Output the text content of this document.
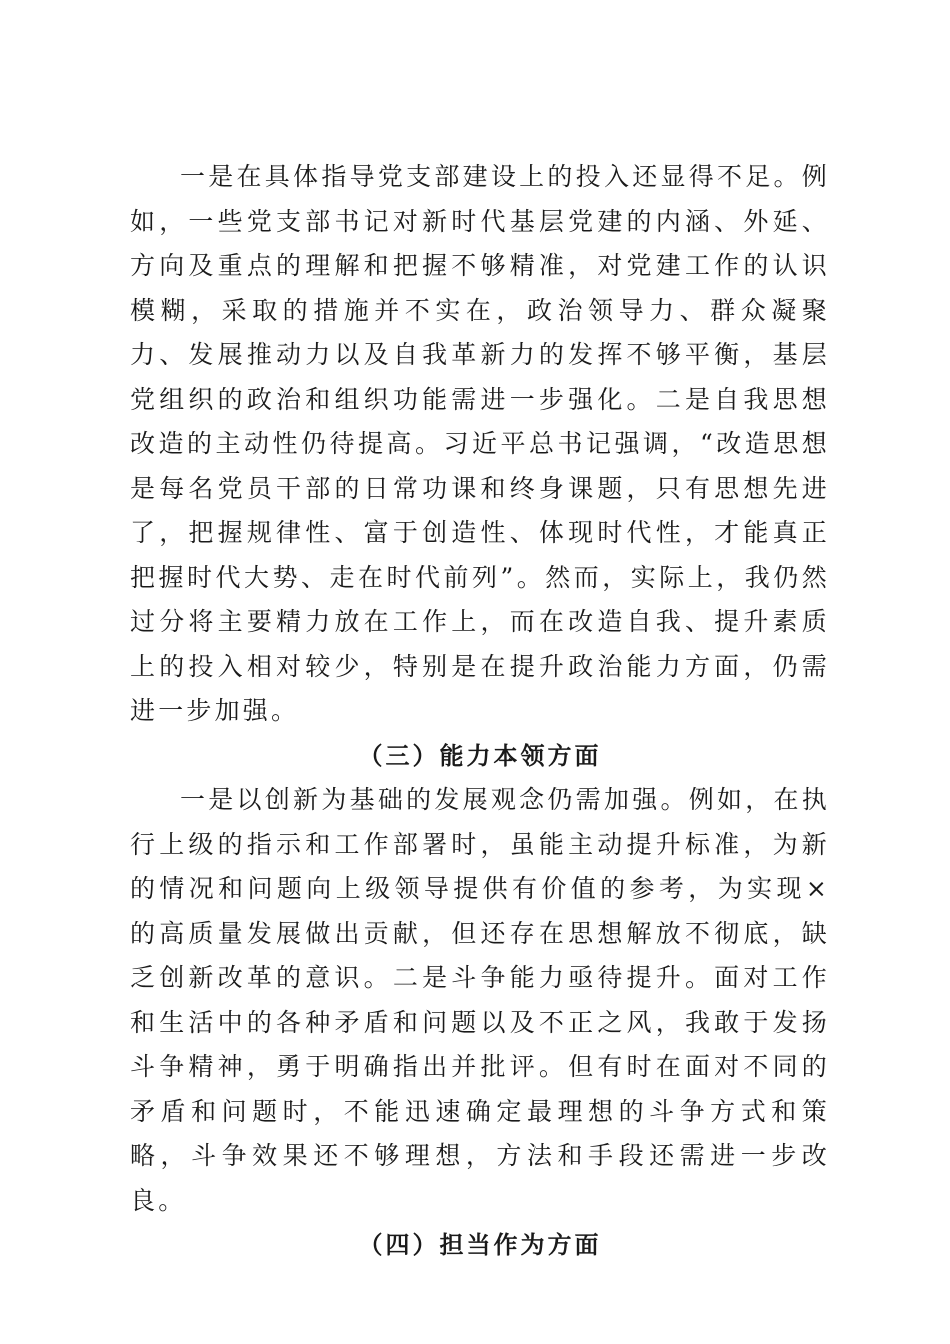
一是在具体指导党支部建设上的投入还显得不足。例如，一些党支部书记对新时代基层党建的内涵、外延、方向及重点的理解和把握不够精准，对党建工作的认识模糊，采取的措施并不实在，政治领导力、群众凝聚力、发展推动力以及自我革新力的发挥不够平衡，基层党组织的政治和组织功能需进一步强化。二是自我思想改造的主动性仍待提高。习近平总书记强调，“改造思想是每名党员干部的日常功课和终身课题，只有思想先进了，把握规律性、富于创造性、体现时代性，才能真正把握时代大势、走在时代前列”。然而，实际上，我仍然过分将主要精力放在工作上，而在改造自我、提升素质上的投入相对较少，特别是在提升政治能力方面，仍需进一步加强。

（三）能力本领方面

一是以创新为基础的发展观念仍需加强。例如，在执行上级的指示和工作部署时，虽能主动提升标准，为新的情况和问题向上级领导提供有价值的参考，为实现×的高质量发展做出贡献，但还存在思想解放不彻底，缺乏创新改革的意识。二是斗争能力亟待提升。面对工作和生活中的各种矛盾和问题以及不正之风，我敢于发扬斗争精神，勇于明确指出并批评。但有时在面对不同的矛盾和问题时，不能迅速确定最理想的斗争方式和策略，斗争效果还不够理想，方法和手段还需进一步改良。

（四）担当作为方面
